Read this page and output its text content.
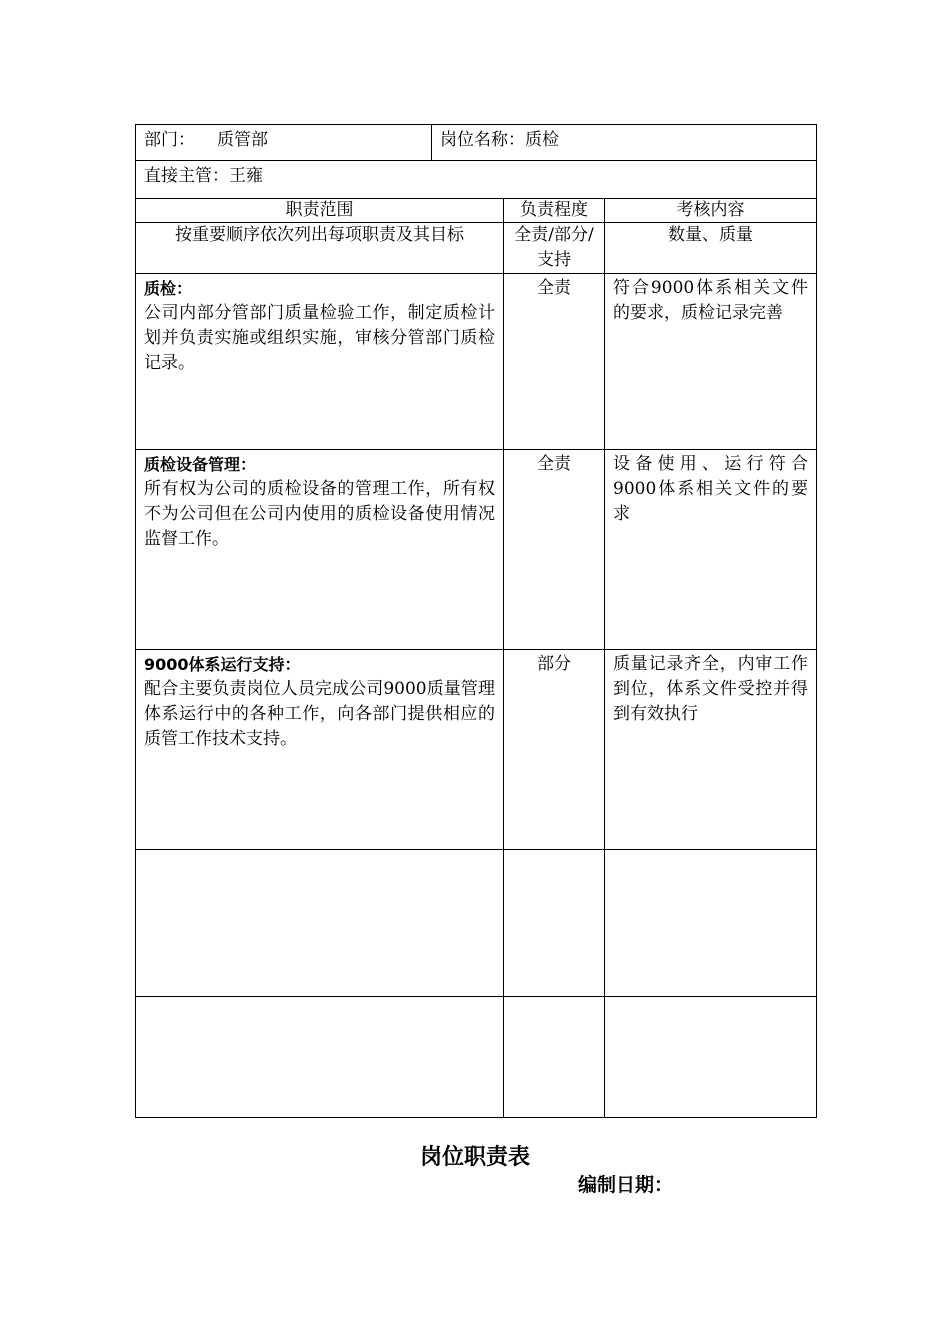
部门： 质管部	岗位名称：质检		
直接主管：王雍			
职责范围		负责程度	考核内容
按重要顺序依次列出每项职责及其目标		全责/部分/支持	数量、质量

质检：
公司内部分管部门质量检验工作，制定质检计划并负责实施或组织实施，审核分管部门质检记录。		全责	符合9000体系相关文件的要求，质检记录完善

质检设备管理：
所有权为公司的质检设备的管理工作，所有权不为公司但在公司内使用的质检设备使用情况监督工作。		全责	设备使用、运行符合9000体系相关文件的要求

9000体系运行支持：
配合主要负责岗位人员完成公司9000质量管理体系运行中的各种工作，向各部门提供相应的质管工作技术支持。		部分	质量记录齐全，内审工作到位，体系文件受控并得到有效执行

岗位职责表
编制日期：
